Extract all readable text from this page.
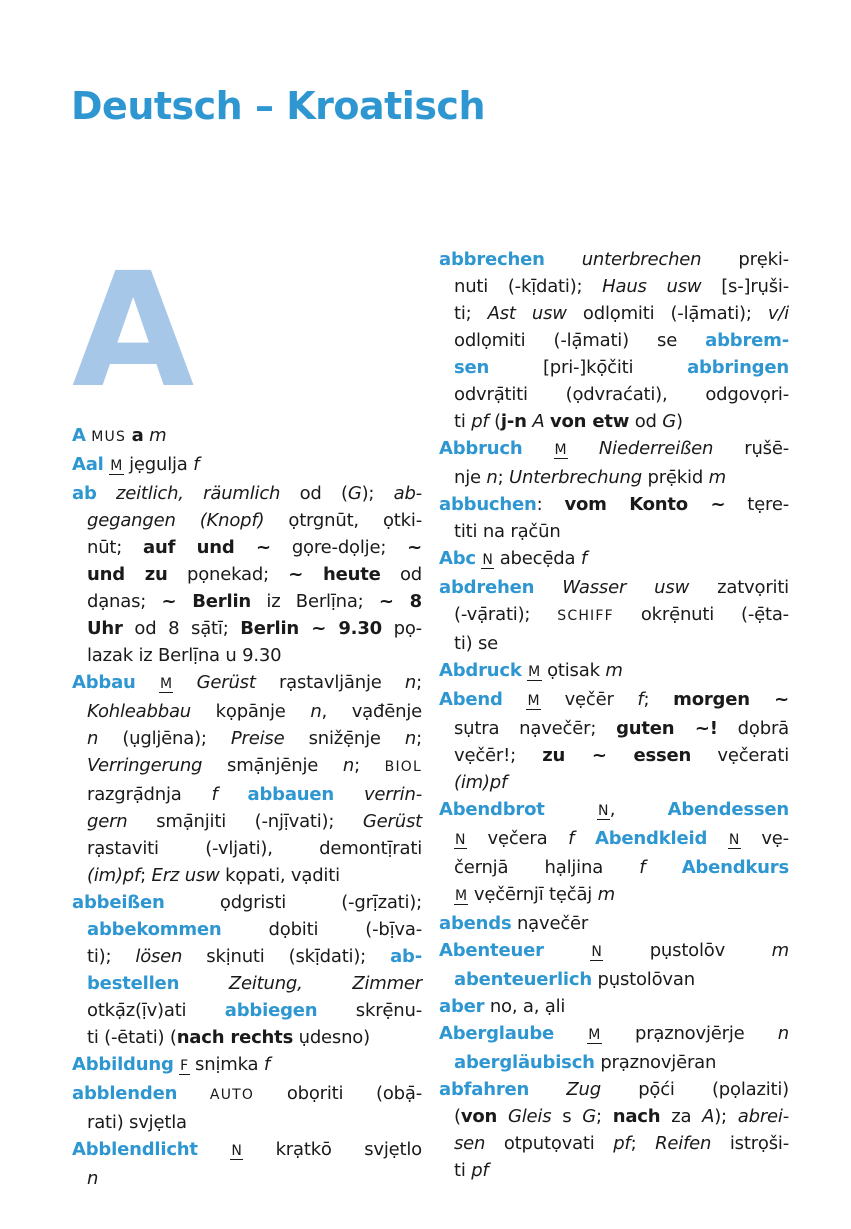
Deutsch – Kroatisch
A
A MUS a m
Aal M jẹgulja f
ab zeitlich, räumlich od (G); ab-
gegangen (Knopf) ọtrgnūt, ọtki-
nūt; auf und ~ gọre-dọlje; ~
und zu pọnekad; ~ heute od
dạnas; ~ Berlin iz Berlị̄na; ~ 8
Uhr od 8 sạ̄tī; Berlin ~ 9.30 pọ-
lazak iz Berlị̄na u 9.30
Abbau M Gerüst rạstavljānje n;
Kohleabbau kọpānje n, vạđēnje
n (ụgljēna); Preise snižẹ̄nje n;
Verringerung smạ̄njēnje n; BIOL
razgrạ̄dnja f abbauen verrin-
gern smạ̄njiti (-njị̄vati); Gerüst
rạstaviti (-vljati), demontị̄rati
(im)pf; Erz usw kọpati, vạditi
abbeißen ọdgristi (-grị̄zati);
abbekommen dọbiti (-bị̄va-
ti); lösen skịnuti (skị̄dati); ab-
bestellen	Zeitung, Zimmer
otkạ̄z(ị̄v)ati abbiegen skrẹ̄nu-
ti (-ētati) (nach rechts ụdesno)
Abbildung F snịmka f
abblenden AUTO obọriti (obạ̄-
rati) svjẹtla
Abblendlicht N krạtkō svjẹtlo
n
abbrechen unterbrechen prẹki-
nuti (-kị̄dati); Haus usw [s-]rụši-
ti; Ast usw odlọmiti (-lạ̄mati); v/i
odlọmiti (-lạ̄mati) se abbrem-
sen [pri-]kọ̄čiti abbringen
odvrạ̄titi (ọdvraćati), odgovọri-
ti pf (j-n A von etw od G)
Abbruch M Niederreißen rụšē-
nje n; Unterbrechung prẹ̄kid m
abbuchen: vom Konto ~ tẹre-
titi na rạčūn
Abc N abecẹ̄da f
abdrehen Wasser usw zatvọriti
(-vạ̄rati); SCHIFF okrẹ̄nuti (-ẹ̄ta-
ti) se
Abdruck M ọtisak m
Abend M vẹčēr f; morgen ~
sụtra nạvečēr; guten ~! dọbrā
vẹčēr!; zu ~ essen vẹčerati
(im)pf
Abendbrot	N, Abendessen
N vẹčera f Abendkleid N vẹ-
černjā hạljina f Abendkurs
M vẹčērnjī tẹčāj m
abends nạvečēr
Abenteuer	N pụstolōv m
abenteuerlich pụstolōvan
aber no, a, ạli
Aberglaube M prạznovjērje n
abergläubisch prạznovjēran
abfahren Zug pọ̄ći (pọlaziti)
(von Gleis s G; nach za A); abrei-
sen otputọvati pf; Reifen istrọši-
ti pf
